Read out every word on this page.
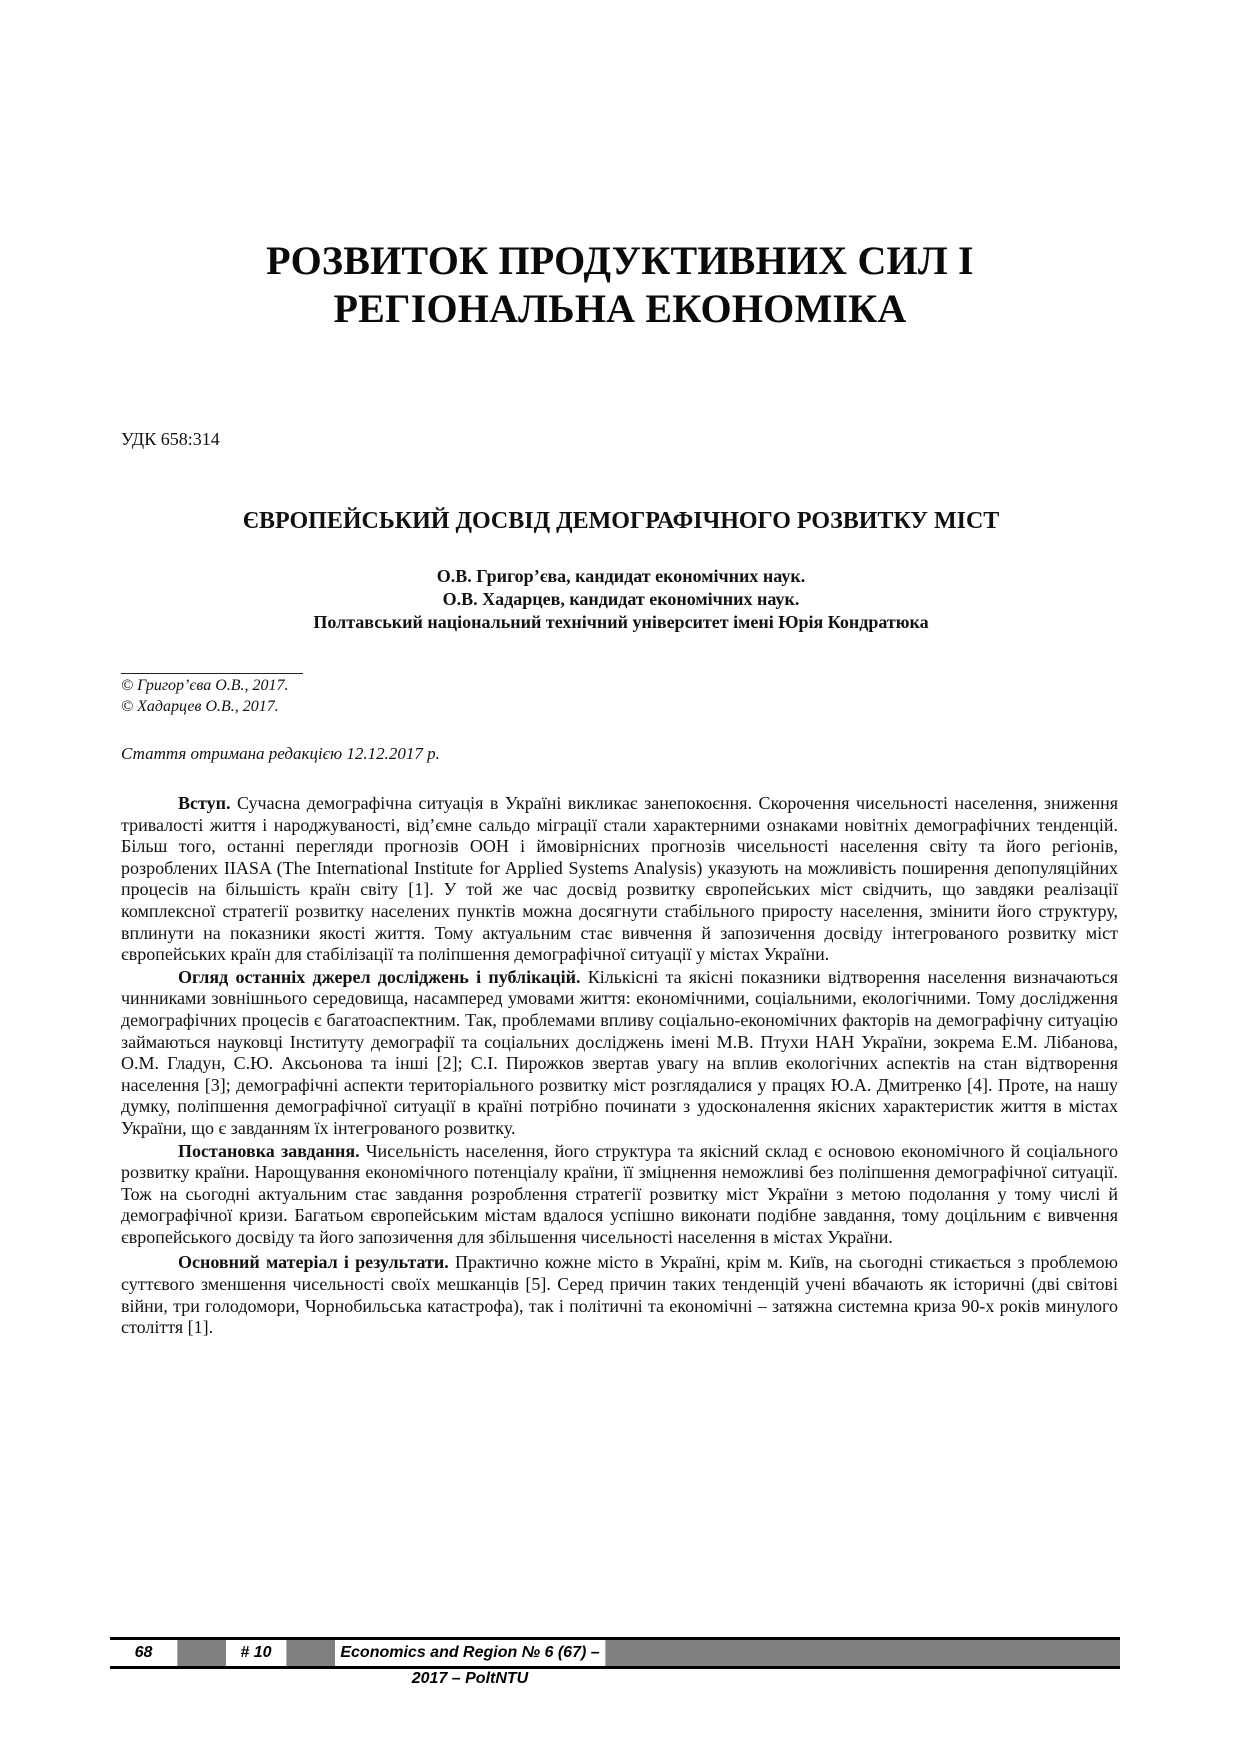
РОЗВИТОК ПРОДУКТИВНИХ СИЛ І
РЕГІОНАЛЬНА ЕКОНОМІКА
УДК 658:314
ЄВРОПЕЙСЬКИЙ ДОСВІД ДЕМОГРАФІЧНОГО РОЗВИТКУ МІСТ
О.В. Григор’єва, кандидат економічних наук.
О.В. Хадарцев, кандидат економічних наук.
Полтавський національний технічний університет імені Юрія Кондратюка
© Григор’єва О.В., 2017.
© Хадарцев О.В., 2017.
Стаття отримана редакцією 12.12.2017 р.

Вступ. Сучасна демографічна ситуація в Україні викликає занепокоєння. Скорочення чисельності населення, зниження тривалості життя і народжуваності, від’ємне сальдо міграції стали характерними ознаками новітніх демографічних тенденцій. Більш того, останні перегляди прогнозів ООН і ймовірнісних прогнозів чисельності населення світу та його регіонів, розроблених IIASA (The International Institute for Applied Systems Analysis) указують на можливість поширення депопуляційних процесів на більшість країн світу [1]. У той же час досвід розвитку європейських міст свідчить, що завдяки реалізації комплексної стратегії розвитку населених пунктів можна досягнути стабільного приросту населення, змінити його структуру, вплинути на показники якості життя. Тому актуальним стає вивчення й запозичення досвіду інтегрованого розвитку міст європейських країн для стабілізації та поліпшення демографічної ситуації у містах України.

Огляд останніх джерел досліджень і публікацій. Кількісні та якісні показники відтворення населення визначаються чинниками зовнішнього середовища, насамперед умовами життя: економічними, соціальними, екологічними. Тому дослідження демографічних процесів є багатоаспектним. Так, проблемами впливу соціально-економічних факторів на демографічну ситуацію займаються науковці Інституту демографії та соціальних досліджень імені М.В. Птухи НАН України, зокрема Е.М. Лібанова, О.М. Гладун, С.Ю. Аксьонова та інші [2]; С.І. Пирожков звертав увагу на вплив екологічних аспектів на стан відтворення населення [3]; демографічні аспекти територіального розвитку міст розглядалися у працях Ю.А. Дмитренко [4]. Проте, на нашу думку, поліпшення демографічної ситуації в країні потрібно починати з удосконалення якісних характеристик життя в містах України, що є завданням їх інтегрованого розвитку.

Постановка завдання. Чисельність населення, його структура та якісний склад є основою економічного й соціального розвитку країни. Нарощування економічного потенціалу країни, її зміцнення неможливі без поліпшення демографічної ситуації. Тож на сьогодні актуальним стає завдання розроблення стратегії розвитку міст України з метою подолання у тому числі й демографічної кризи. Багатьом європейським містам вдалося успішно виконати подібне завдання, тому доцільним є вивчення європейського досвіду та його запозичення для збільшення чисельності населення в містах України.

Основний матеріал і результати. Практично кожне місто в Україні, крім м. Київ, на сьогодні стикається з проблемою суттєвого зменшення чисельності своїх мешканців [5]. Серед причин таких тенденцій учені вбачають як історичні (дві світові війни, три голодомори, Чорнобильська катастрофа), так і політичні та економічні – затяжна системна криза 90-х років минулого століття [1].

68	# 10	Economics and Region № 6 (67) – 2017 – PoltNTU
